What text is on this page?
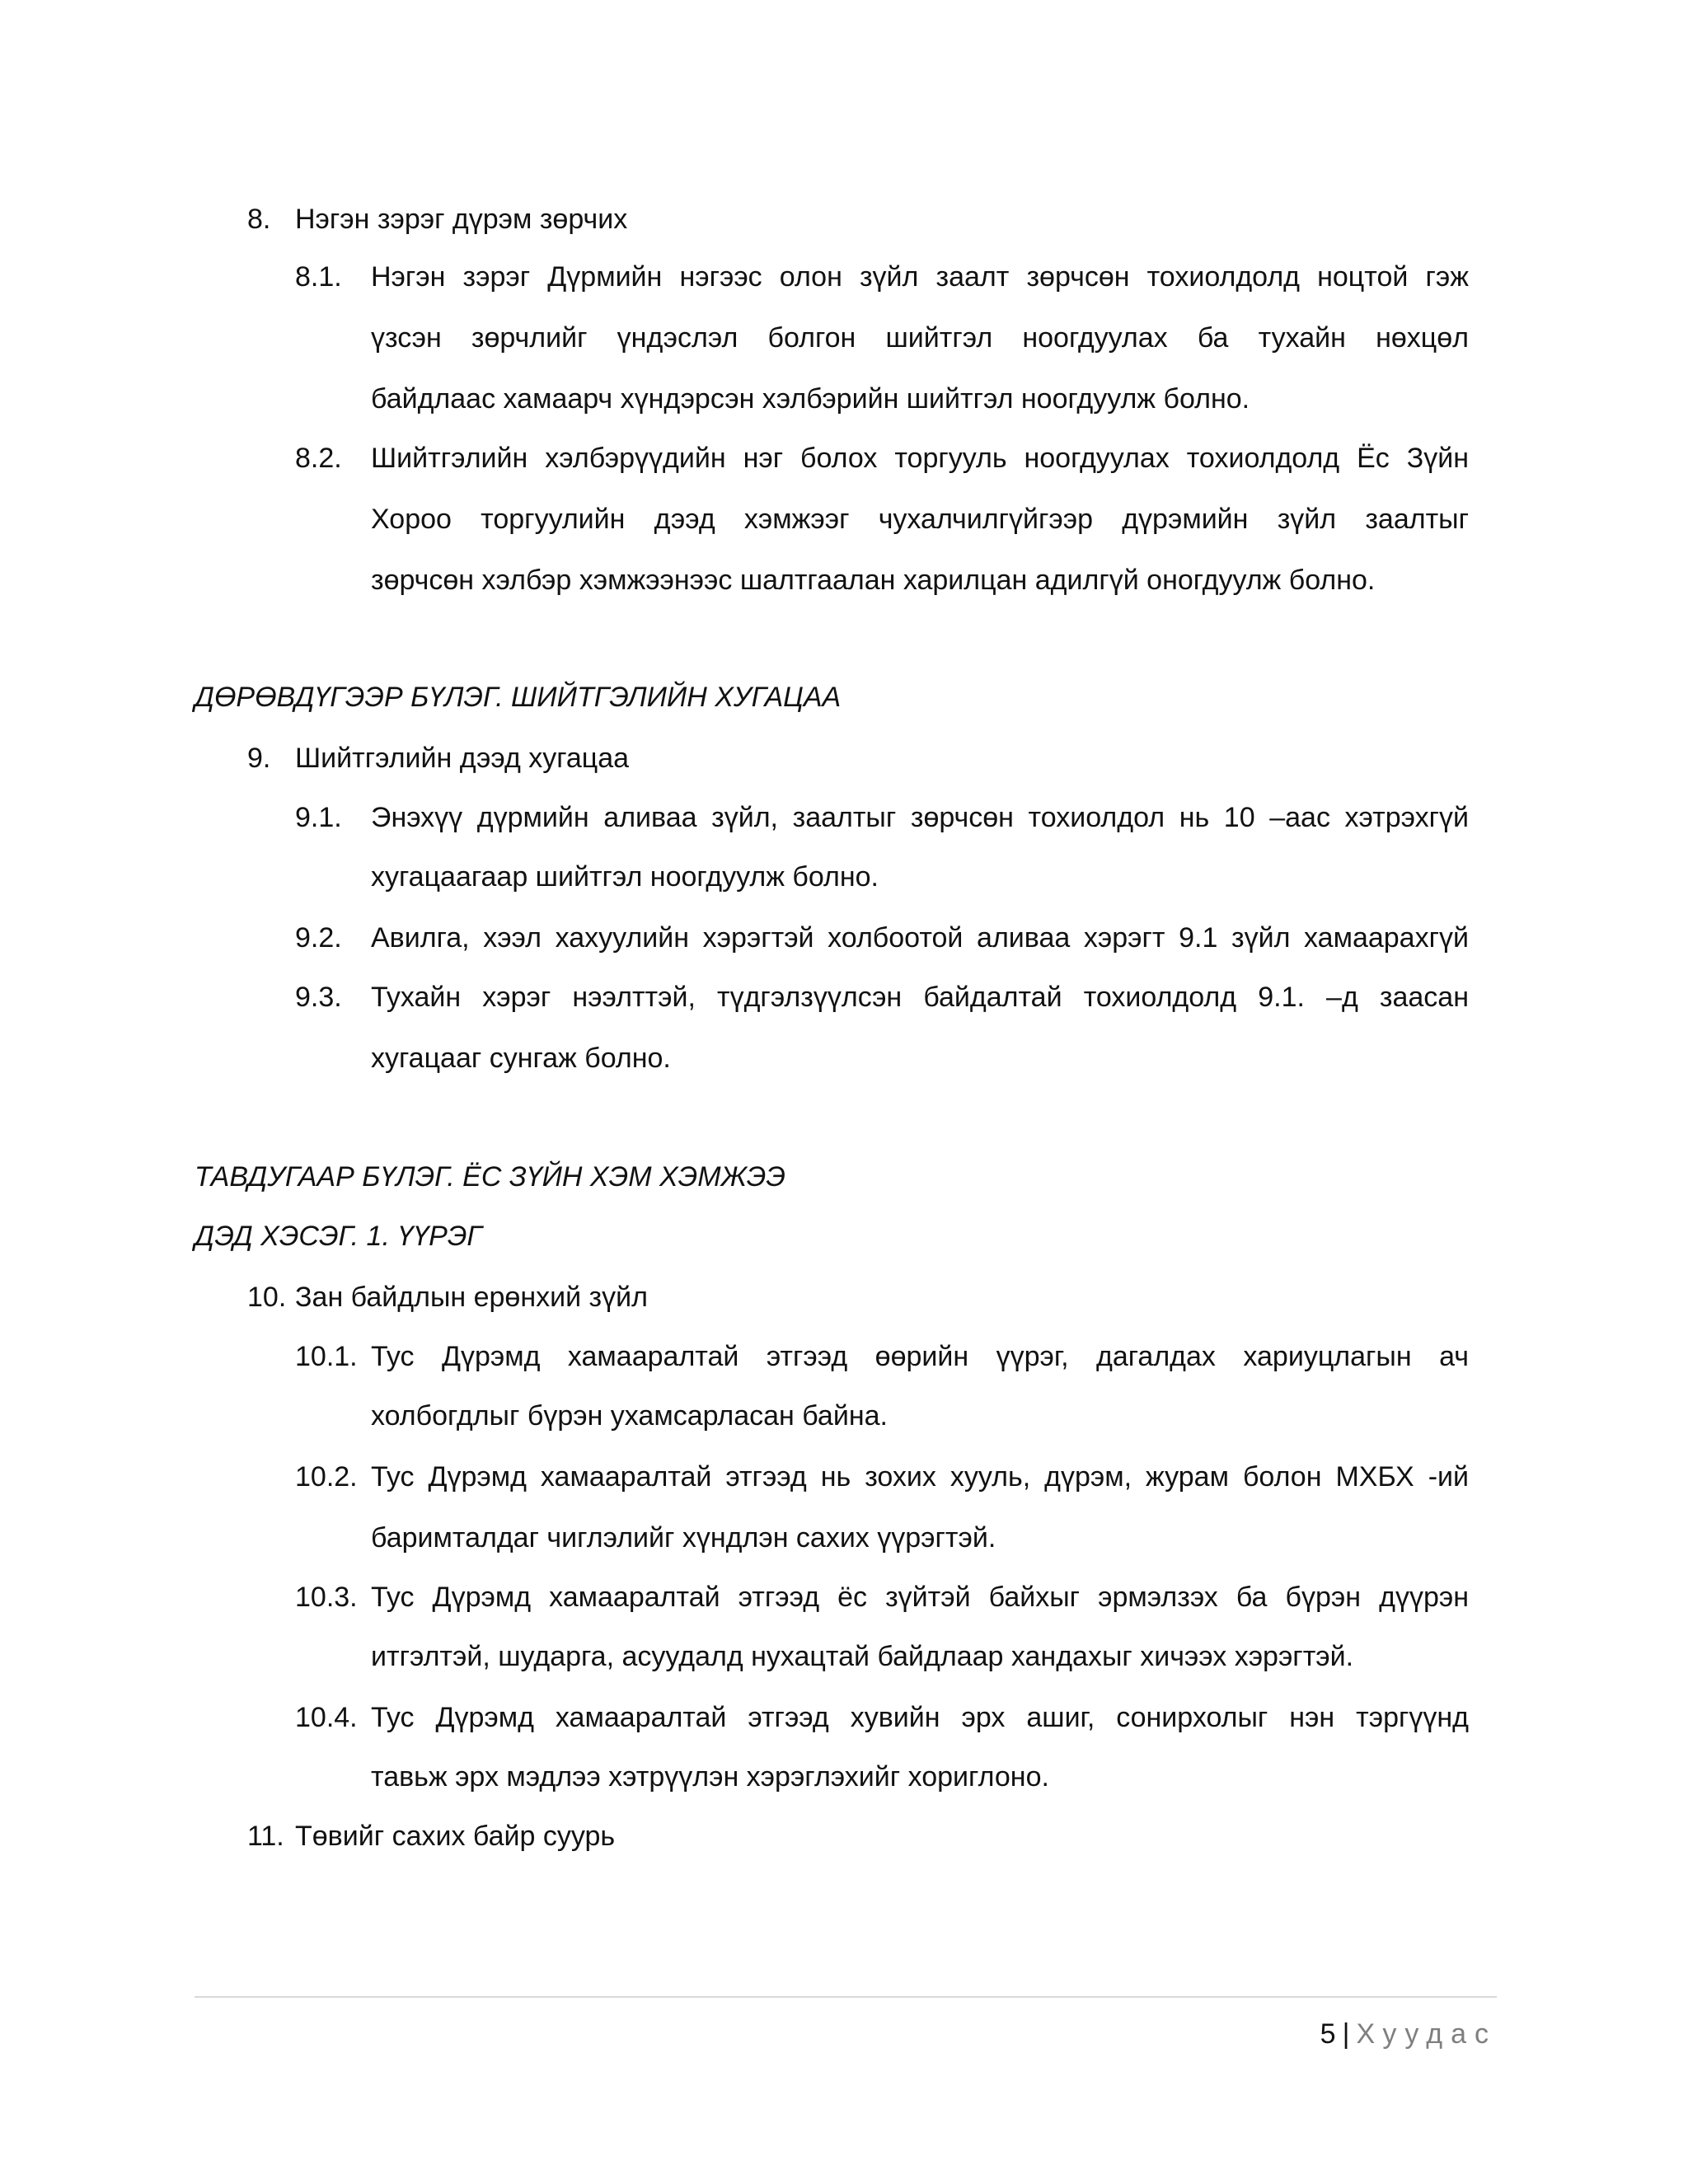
8. Нэгэн зэрэг дүрэм зөрчих
8.1. Нэгэн зэрэг Дүрмийн нэгээс олон зүйл заалт зөрчсөн тохиолдолд ноцтой гэж

үзсэн зөрчлийг үндэслэл болгон шийтгэл ноогдуулах ба тухайн нөхцөл

байдлаас хамаарч хүндэрсэн хэлбэрийн шийтгэл ноогдуулж болно.

8.2. Шийтгэлийн хэлбэрүүдийн нэг болох торгууль ноогдуулах тохиолдолд Ёс Зүйн

Хороо торгуулийн дээд хэмжээг чухалчилгүйгээр дүрэмийн зүйл заалтыг

зөрчсөн хэлбэр хэмжээнээс шалтгаалан харилцан адилгүй оногдуулж болно.

ДӨРӨВДҮГЭЭР БҮЛЭГ. ШИЙТГЭЛИЙН ХУГАЦАА

9. Шийтгэлийн дээд хугацаа
9.1. Энэхүү дүрмийн аливаа зүйл, заалтыг зөрчсөн тохиолдол нь 10 –аас хэтрэхгүй

хугацаагаар шийтгэл ноогдуулж болно.

9.2. Авилга, хээл хахуулийн хэрэгтэй холбоотой аливаа хэрэгт 9.1 зүйл хамаарахгүй

9.3. Тухайн хэрэг нээлттэй, түдгэлзүүлсэн байдалтай тохиолдолд 9.1. –д заасан

хугацааг сунгаж болно.

ТАВДУГААР БҮЛЭГ. ЁС ЗҮЙН ХЭМ ХЭМЖЭЭ

ДЭД ХЭСЭГ. 1. ҮҮРЭГ

10. Зан байдлын ерөнхий зүйл
10.1. Тус Дүрэмд хамааралтай этгээд өөрийн үүрэг, дагалдах хариуцлагын ач

холбогдлыг бүрэн ухамсарласан байна.

10.2. Тус Дүрэмд хамааралтай этгээд нь зохих хууль, дүрэм, журам болон МХБХ -ий

баримталдаг чиглэлийг хүндлэн сахих үүрэгтэй.

10.3. Тус Дүрэмд хамааралтай этгээд ёс зүйтэй байхыг эрмэлзэх ба бүрэн дүүрэн

итгэлтэй, шударга, асуудалд нухацтай байдлаар хандахыг хичээх хэрэгтэй.

10.4. Тус Дүрэмд хамааралтай этгээд хувийн эрх ашиг, сонирхолыг нэн тэргүүнд

тавьж эрх мэдлээ хэтрүүлэн хэрэглэхийг хориглоно.

11. Төвийг сахих байр суурь
5 | Хуудас
